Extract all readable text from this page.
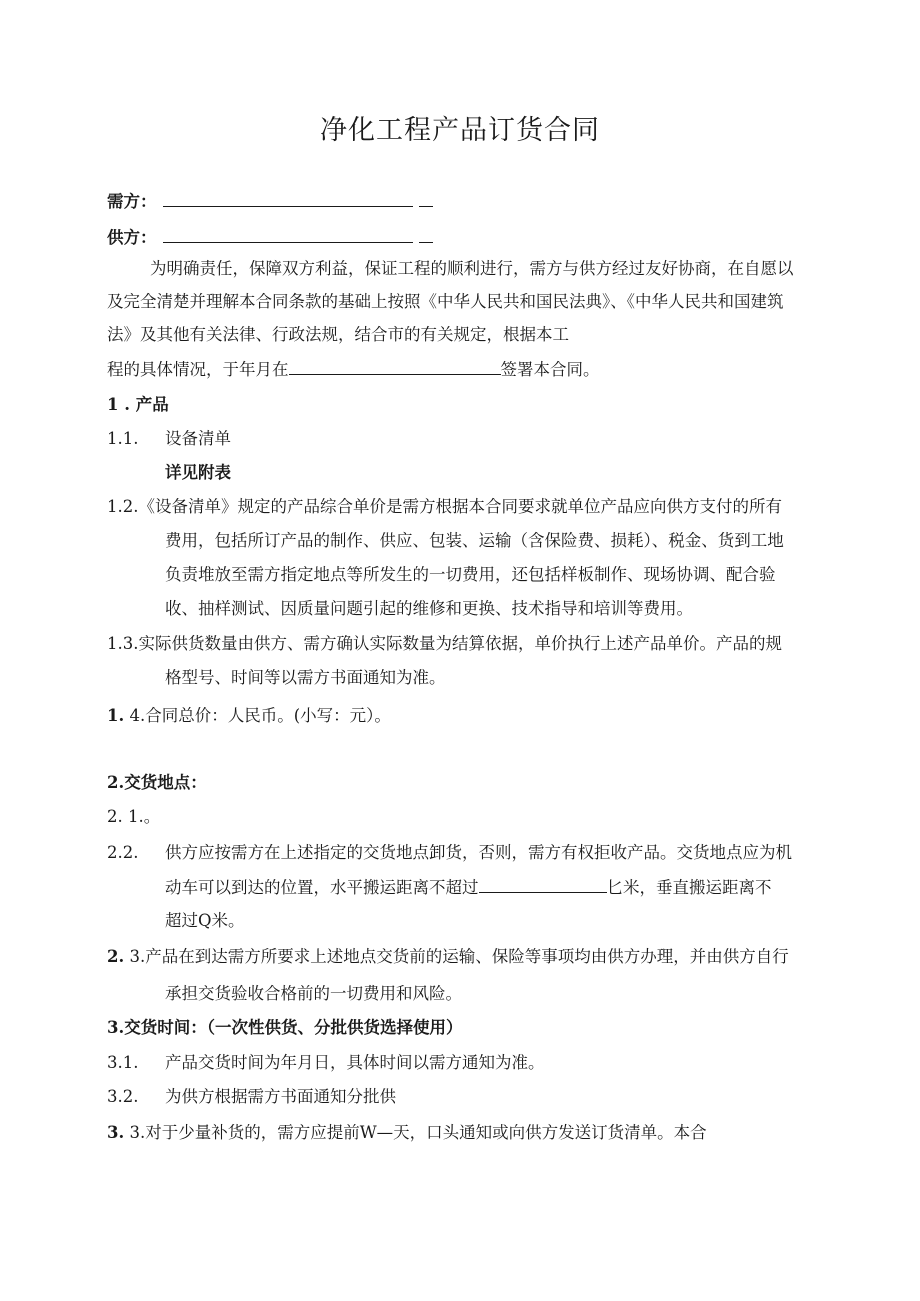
净化工程产品订货合同
需方：
供方：
为明确责任，保障双方利益，保证工程的顺利进行，需方与供方经过友好协商，在自愿以
及完全清楚并理解本合同条款的基础上按照《中华人民共和国民法典》、《中华人民共和国建筑
法》及其他有关法律、行政法规，结合市的有关规定，根据本工
程的具体情况，于年月在	签署本合同。
1 . 产品
1.1. 设备清单
详见附表
1.2.《设备清单》规定的产品综合单价是需方根据本合同要求就单位产品应向供方支付的所有
费用，包括所订产品的制作、供应、包装、运输（含保险费、损耗）、税金、货到工地
负责堆放至需方指定地点等所发生的一切费用，还包括样板制作、现场协调、配合验
收、抽样测试、因质量问题引起的维修和更换、技术指导和培训等费用。
1.3.实际供货数量由供方、需方确认实际数量为结算依据，单价执行上述产品单价。产品的规
格型号、时间等以需方书面通知为准。
1. 4.合同总价：人民币。(小写：元）。
2.交货地点：
2. 1.。
2.2. 供方应按需方在上述指定的交货地点卸货，否则，需方有权拒收产品。交货地点应为机
动车可以到达的位置，水平搬运距离不超过	匕米，垂直搬运距离不
超过Q米。
2. 3.产品在到达需方所要求上述地点交货前的运输、保险等事项均由供方办理，并由供方自行
承担交货验收合格前的一切费用和风险。
3.交货时间：（一次性供货、分批供货选择使用）
3.1. 产品交货时间为年月日，具体时间以需方通知为准。
3.2. 为供方根据需方书面通知分批供
3. 3.对于少量补货的，需方应提前W—天，口头通知或向供方发送订货清单。本合
